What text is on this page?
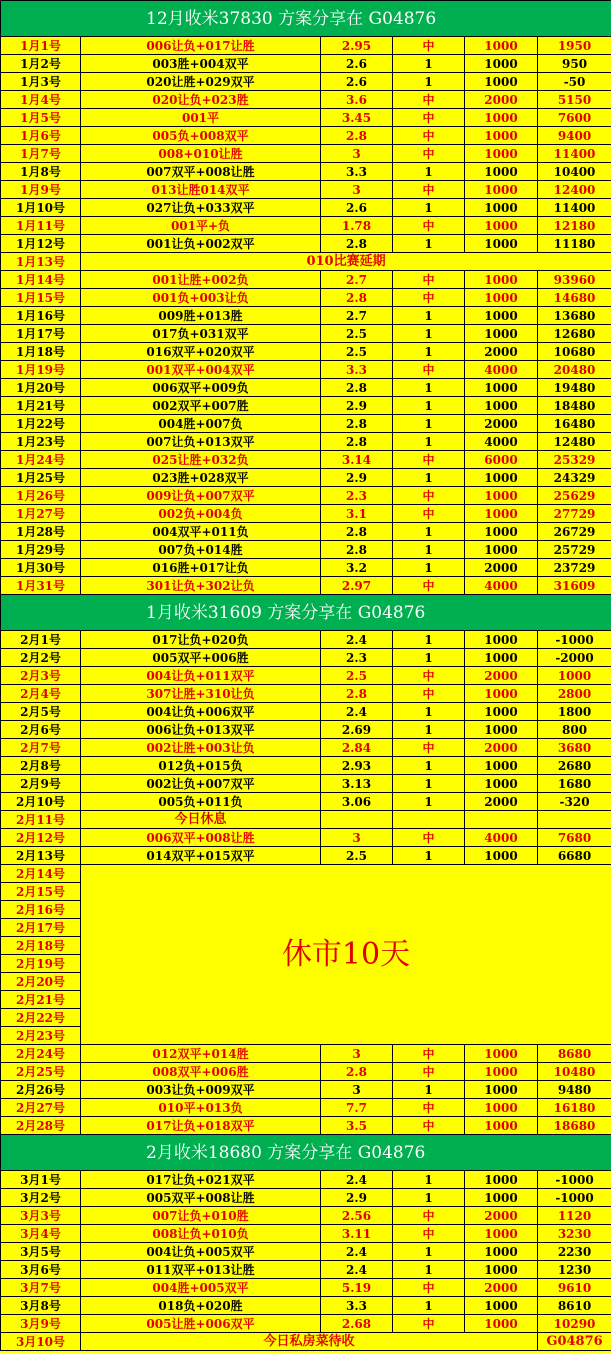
12月收米37830 方案分享在 G04876					
1月1号	006让负+017让胜	2.95	中	1000	1950
1月2号	003胜+004双平	2.6	1	1000	950
1月3号	020让胜+029双平	2.6	1	1000	-50
1月4号	020让负+023胜	3.6	中	2000	5150
1月5号	001平	3.45	中	1000	7600
1月6号	005负+008双平	2.8	中	1000	9400
1月7号	008+010让胜	3	中	1000	11400
1月8号	007双平+008让胜	3.3	1	1000	10400
1月9号	013让胜014双平	3	中	1000	12400
1月10号	027让负+033双平	2.6	1	1000	11400
1月11号	001平+负	1.78	中	1000	12180
1月12号	001让负+002双平	2.8	1	1000	11180
1月13号	010比赛延期				
1月14号	001让胜+002负	2.7	中	1000	93960
1月15号	001负+003让负	2.8	中	1000	14680
1月16号	009胜+013胜	2.7	1	1000	13680
1月17号	017负+031双平	2.5	1	1000	12680
1月18号	016双平+020双平	2.5	1	2000	10680
1月19号	001双平+004双平	3.3	中	4000	20480
1月20号	006双平+009负	2.8	1	1000	19480
1月21号	002双平+007胜	2.9	1	1000	18480
1月22号	004胜+007负	2.8	1	2000	16480
1月23号	007让负+013双平	2.8	1	4000	12480
1月24号	025让胜+032负	3.14	中	6000	25329
1月25号	023胜+028双平	2.9	1	1000	24329
1月26号	009让负+007双平	2.3	中	1000	25629
1月27号	002负+004负	3.1	中	1000	27729
1月28号	004双平+011负	2.8	1	1000	26729
1月29号	007负+014胜	2.8	1	1000	25729
1月30号	016胜+017让负	3.2	1	2000	23729
1月31号	301让负+302让负	2.97	中	4000	31609
1月收米31609 方案分享在 G04876					
2月1号	017让负+020负	2.4	1	1000	-1000
2月2号	005双平+006胜	2.3	1	1000	-2000
2月3号	004让负+011双平	2.5	中	2000	1000
2月4号	307让胜+310让负	2.8	中	1000	2800
2月5号	004让负+006双平	2.4	1	1000	1800
2月6号	006让负+013双平	2.69	1	1000	800
2月7号	002让胜+003让负	2.84	中	2000	3680
2月8号	012负+015负	2.93	1	1000	2680
2月9号	002让负+007双平	3.13	1	1000	1680
2月10号	005负+011负	3.06	1	2000	-320
2月11号	今日休息				
2月12号	006双平+008让胜	3	中	4000	7680
2月13号	014双平+015双平	2.5	1	1000	6680
2月14号	休市10天				
2月15号					
2月16号					
2月17号					
2月18号					
2月19号					
2月20号					
2月21号					
2月22号					
2月23号					
2月24号	012双平+014胜	3	中	1000	8680
2月25号	008双平+006胜	2.8	中	1000	10480
2月26号	003让负+009双平	3	1	1000	9480
2月27号	010平+013负	7.7	中	1000	16180
2月28号	017让负+018双平	3.5	中	1000	18680
2月收米18680 方案分享在 G04876					
3月1号	017让负+021双平	2.4	1	1000	-1000
3月2号	005双平+008让胜	2.9	1	1000	-1000
3月3号	007让负+010胜	2.56	中	2000	1120
3月4号	008让负+010负	3.11	中	1000	3230
3月5号	004让负+005双平	2.4	1	1000	2230
3月6号	011双平+013让胜	2.4	1	1000	1230
3月7号	004胜+005双平	5.19	中	2000	9610
3月8号	018负+020胜	3.3	1	1000	8610
3月9号	005让胜+006双平	2.68	中	1000	10290
3月10号	今日私房菜待收				G04876
